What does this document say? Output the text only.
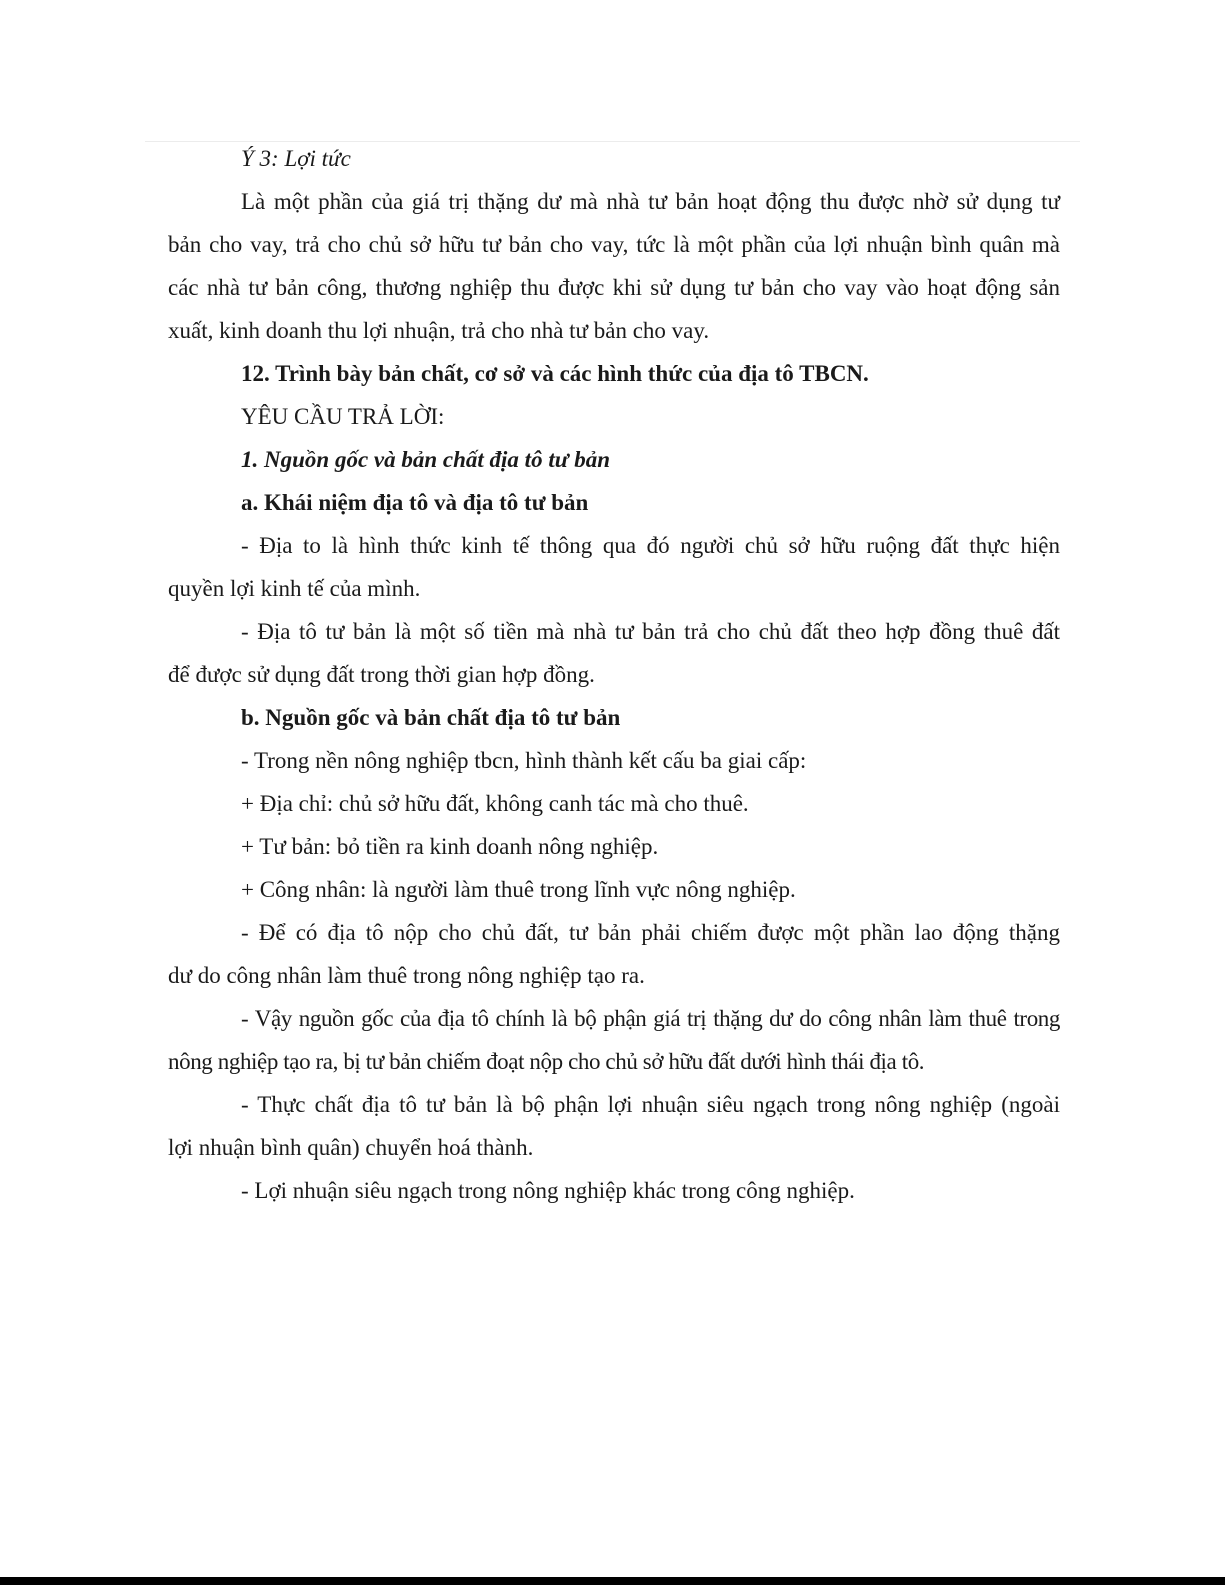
Ý 3: Lợi tức
Là một phần của giá trị thặng dư mà nhà tư bản hoạt động thu được nhờ sử dụng tư
bản cho vay, trả cho chủ sở hữu tư bản cho vay, tức là một phần của lợi nhuận bình quân mà
các nhà tư bản công, thương nghiệp thu được khi sử dụng tư bản cho vay vào hoạt động sản
xuất, kinh doanh thu lợi nhuận, trả cho nhà tư bản cho vay.
12. Trình bày bản chất, cơ sở và các hình thức của địa tô TBCN.
YÊU CẦU TRẢ LỜI:
1. Nguồn gốc và bản chất địa tô tư bản
a. Khái niệm địa tô và địa tô tư bản
- Địa to là hình thức kinh tế thông qua đó người chủ sở hữu ruộng đất thực hiện
quyền lợi kinh tế của mình.
- Địa tô tư bản là một số tiền mà nhà tư bản trả cho chủ đất theo hợp đồng thuê đất
để được sử dụng đất trong thời gian hợp đồng.
b. Nguồn gốc và bản chất địa tô tư bản
- Trong nền nông nghiệp tbcn, hình thành kết cấu ba giai cấp:
+ Địa chỉ: chủ sở hữu đất, không canh tác mà cho thuê.
+ Tư bản: bỏ tiền ra kinh doanh nông nghiệp.
+ Công nhân: là người làm thuê trong lĩnh vực nông nghiệp.
- Để có địa tô nộp cho chủ đất, tư bản phải chiếm được một phần lao động thặng
dư do công nhân làm thuê trong nông nghiệp tạo ra.
- Vậy nguồn gốc của địa tô chính là bộ phận giá trị thặng dư do công nhân làm thuê trong
nông nghiệp tạo ra, bị tư bản chiếm đoạt nộp cho chủ sở hữu đất dưới hình thái địa tô.
- Thực chất địa tô tư bản là bộ phận lợi nhuận siêu ngạch trong nông nghiệp (ngoài
lợi nhuận bình quân) chuyển hoá thành.
- Lợi nhuận siêu ngạch trong nông nghiệp khác trong công nghiệp.
